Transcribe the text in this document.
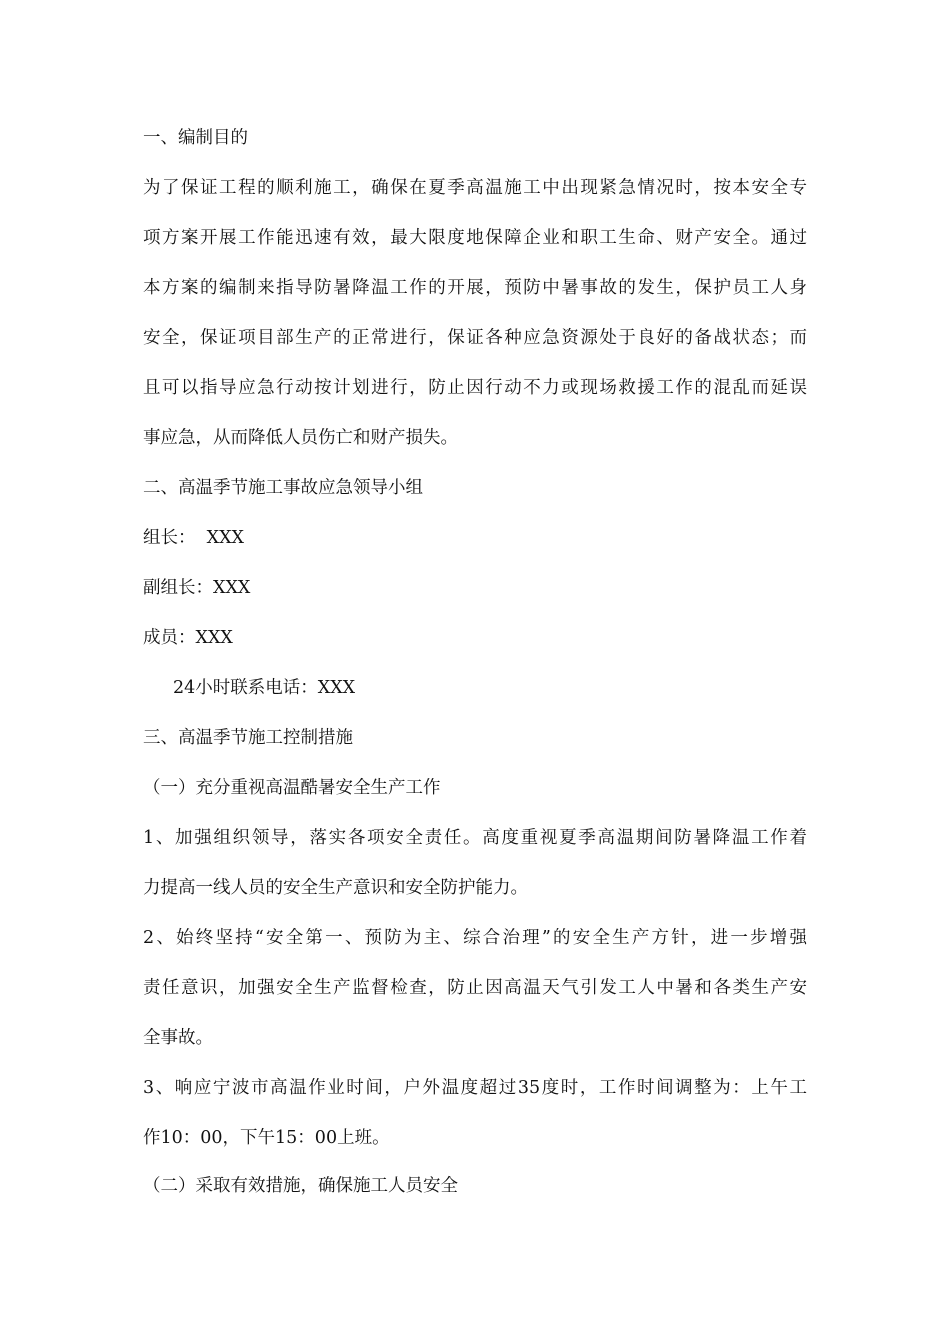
一、编制目的

为了保证工程的顺利施工，确保在夏季高温施工中出现紧急情况时，按本安全专

项方案开展工作能迅速有效，最大限度地保障企业和职工生命、财产安全。通过

本方案的编制来指导防暑降温工作的开展，预防中暑事故的发生，保护员工人身

安全，保证项目部生产的正常进行，保证各种应急资源处于良好的备战状态；而

且可以指导应急行动按计划进行，防止因行动不力或现场救援工作的混乱而延误

事应急，从而降低人员伤亡和财产损失。

二、高温季节施工事故应急领导小组

组长：  XXX

副组长：XXX

成员：XXX

24小时联系电话：XXX

三、高温季节施工控制措施

（一）充分重视高温酷暑安全生产工作

1、加强组织领导，落实各项安全责任。高度重视夏季高温期间防暑降温工作着

力提高一线人员的安全生产意识和安全防护能力。

2、始终坚持“安全第一、预防为主、综合治理”的安全生产方针，进一步增强

责任意识，加强安全生产监督检查，防止因高温天气引发工人中暑和各类生产安

全事故。

3、响应宁波市高温作业时间，户外温度超过35度时，工作时间调整为：上午工

作10：00，下午15：00上班。

（二）采取有效措施，确保施工人员安全
